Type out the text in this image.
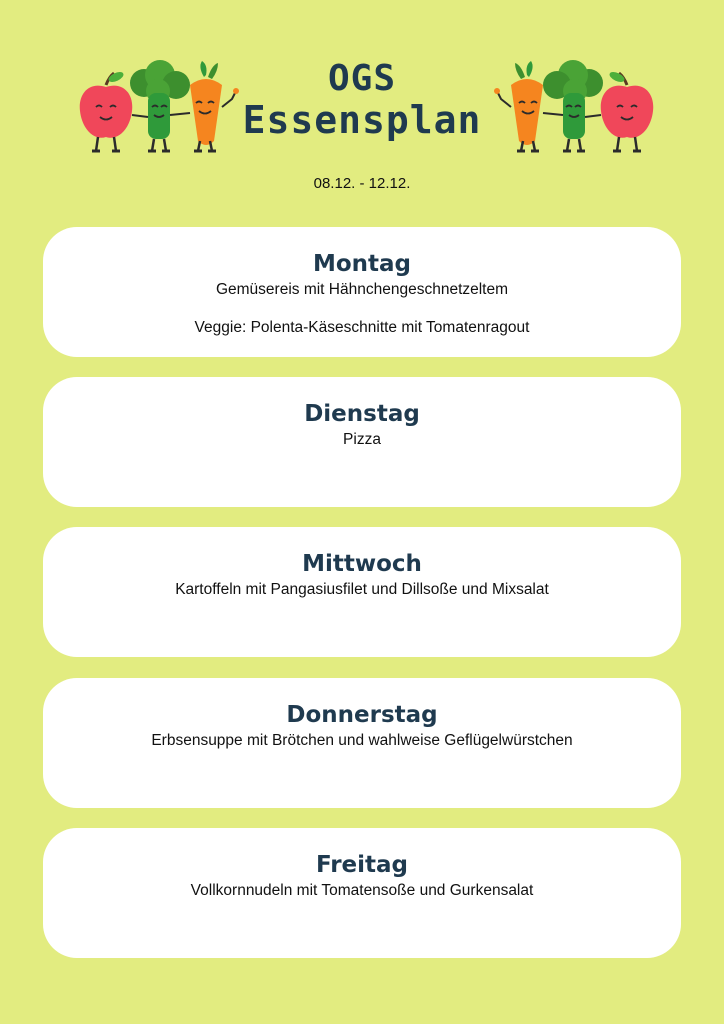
OGS
Essensplan
08.12. - 12.12.
Montag
Gemüsereis mit Hähnchengeschnetzeltem
Veggie: Polenta-Käseschnitte mit Tomatenragout
Dienstag
Pizza
Mittwoch
Kartoffeln mit Pangasiusfilet und Dillsoße und Mixsalat
Donnerstag
Erbsensuppe mit Brötchen und wahlweise Geflügelwürstchen
Freitag
Vollkornnudeln mit Tomatensoße und Gurkensalat
